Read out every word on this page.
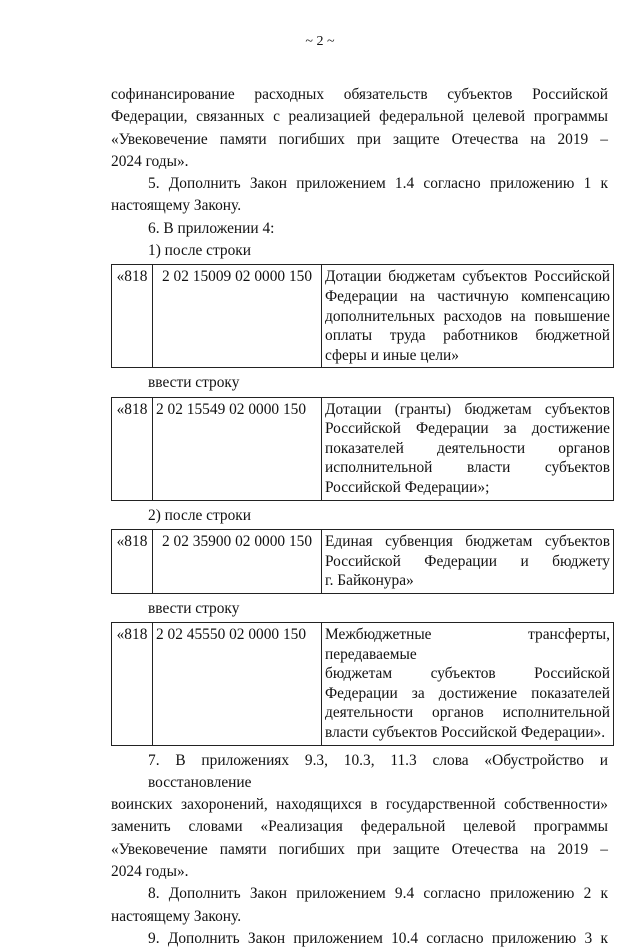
~ 2 ~
софинансирование расходных обязательств субъектов Российской
Федерации, связанных с реализацией федеральной целевой программы
«Увековечение памяти погибших при защите Отечества на 2019 –
2024 годы».
5. Дополнить Закон приложением 1.4 согласно приложению 1 к
настоящему Закону.
6. В приложении 4:
1) после строки
«818	2 02 15009 02 0000 150	Дотации бюджетам субъектов Российской
Федерации на частичную компенсацию
дополнительных расходов на повышение
оплаты труда работников бюджетной
сферы и иные цели»
ввести строку
«818	2 02 15549 02 0000 150	Дотации (гранты) бюджетам субъектов
Российской Федерации за достижение
показателей деятельности органов
исполнительной власти субъектов
Российской Федерации»;
2) после строки
«818	2 02 35900 02 0000 150	Единая субвенция бюджетам субъектов
Российской Федерации и бюджету
г. Байконура»
ввести строку
«818	2 02 45550 02 0000 150	Межбюджетные трансферты, передаваемые
бюджетам субъектов Российской
Федерации за достижение показателей
деятельности органов исполнительной
власти субъектов Российской Федерации».
7. В приложениях 9.3, 10.3, 11.3 слова «Обустройство и восстановление
воинских захоронений, находящихся в государственной собственности»
заменить словами «Реализация федеральной целевой программы
«Увековечение памяти погибших при защите Отечества на 2019 –
2024 годы».
8. Дополнить Закон приложением 9.4 согласно приложению 2 к
настоящему Закону.
9. Дополнить Закон приложением 10.4 согласно приложению 3 к
